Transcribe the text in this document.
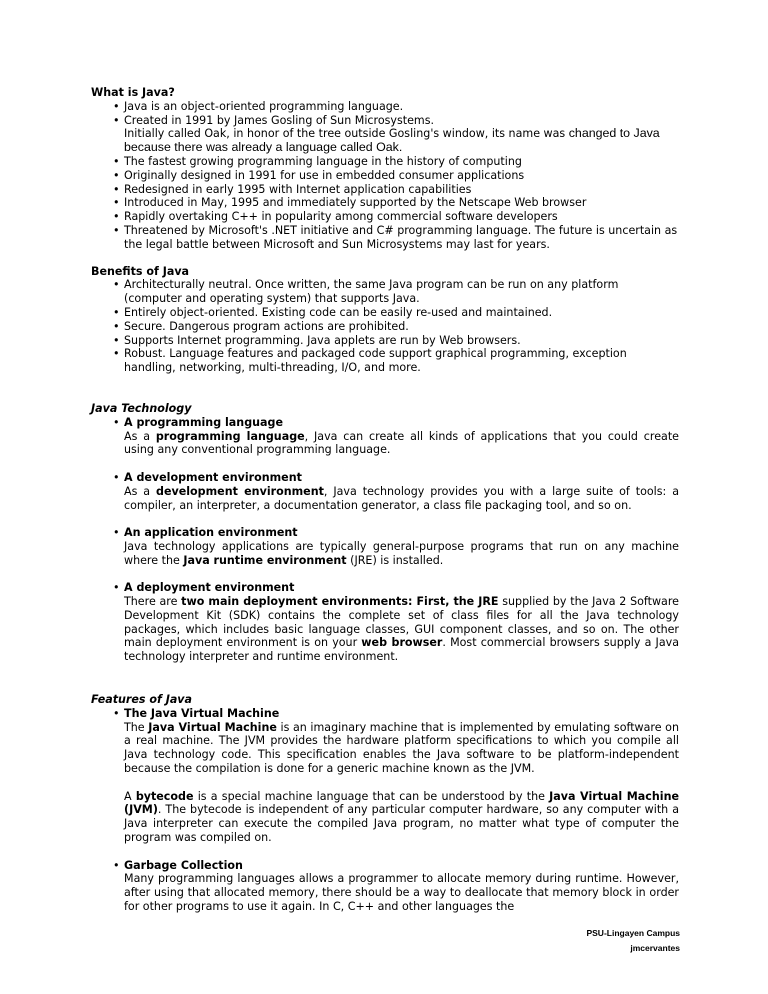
What is Java?
• Java is an object-oriented programming language.
• Created in 1991 by James Gosling of Sun Microsystems.
Initially called Oak, in honor of the tree outside Gosling's window, its name was changed to Java because there was already a language called Oak.
• The fastest growing programming language in the history of computing
• Originally designed in 1991 for use in embedded consumer applications
• Redesigned in early 1995 with Internet application capabilities
• Introduced in May, 1995 and immediately supported by the Netscape Web browser
• Rapidly overtaking C++ in popularity among commercial software developers
• Threatened by Microsoft's .NET initiative and C# programming language. The future is uncertain as the legal battle between Microsoft and Sun Microsystems may last for years.
Benefits of Java
• Architecturally neutral. Once written, the same Java program can be run on any platform (computer and operating system) that supports Java.
• Entirely object-oriented. Existing code can be easily re-used and maintained.
• Secure. Dangerous program actions are prohibited.
• Supports Internet programming. Java applets are run by Web browsers.
• Robust. Language features and packaged code support graphical programming, exception handling, networking, multi-threading, I/O, and more.
Java Technology
• A programming language
As a programming language, Java can create all kinds of applications that you could create using any conventional programming language.
• A development environment
As a development environment, Java technology provides you with a large suite of tools: a compiler, an interpreter, a documentation generator, a class file packaging tool, and so on.
• An application environment
Java technology applications are typically general-purpose programs that run on any machine where the Java runtime environment (JRE) is installed.
• A deployment environment
There are two main deployment environments: First, the JRE supplied by the Java 2 Software Development Kit (SDK) contains the complete set of class files for all the Java technology packages, which includes basic language classes, GUI component classes, and so on. The other main deployment environment is on your web browser. Most commercial browsers supply a Java technology interpreter and runtime environment.
Features of Java
• The Java Virtual Machine
The Java Virtual Machine is an imaginary machine that is implemented by emulating software on a real machine. The JVM provides the hardware platform specifications to which you compile all Java technology code. This specification enables the Java software to be platform-independent because the compilation is done for a generic machine known as the JVM.
A bytecode is a special machine language that can be understood by the Java Virtual Machine (JVM). The bytecode is independent of any particular computer hardware, so any computer with a Java interpreter can execute the compiled Java program, no matter what type of computer the program was compiled on.
• Garbage Collection
Many programming languages allows a programmer to allocate memory during runtime. However, after using that allocated memory, there should be a way to deallocate that memory block in order for other programs to use it again. In C, C++ and other languages the
PSU-Lingayen Campus
jmcervantes
